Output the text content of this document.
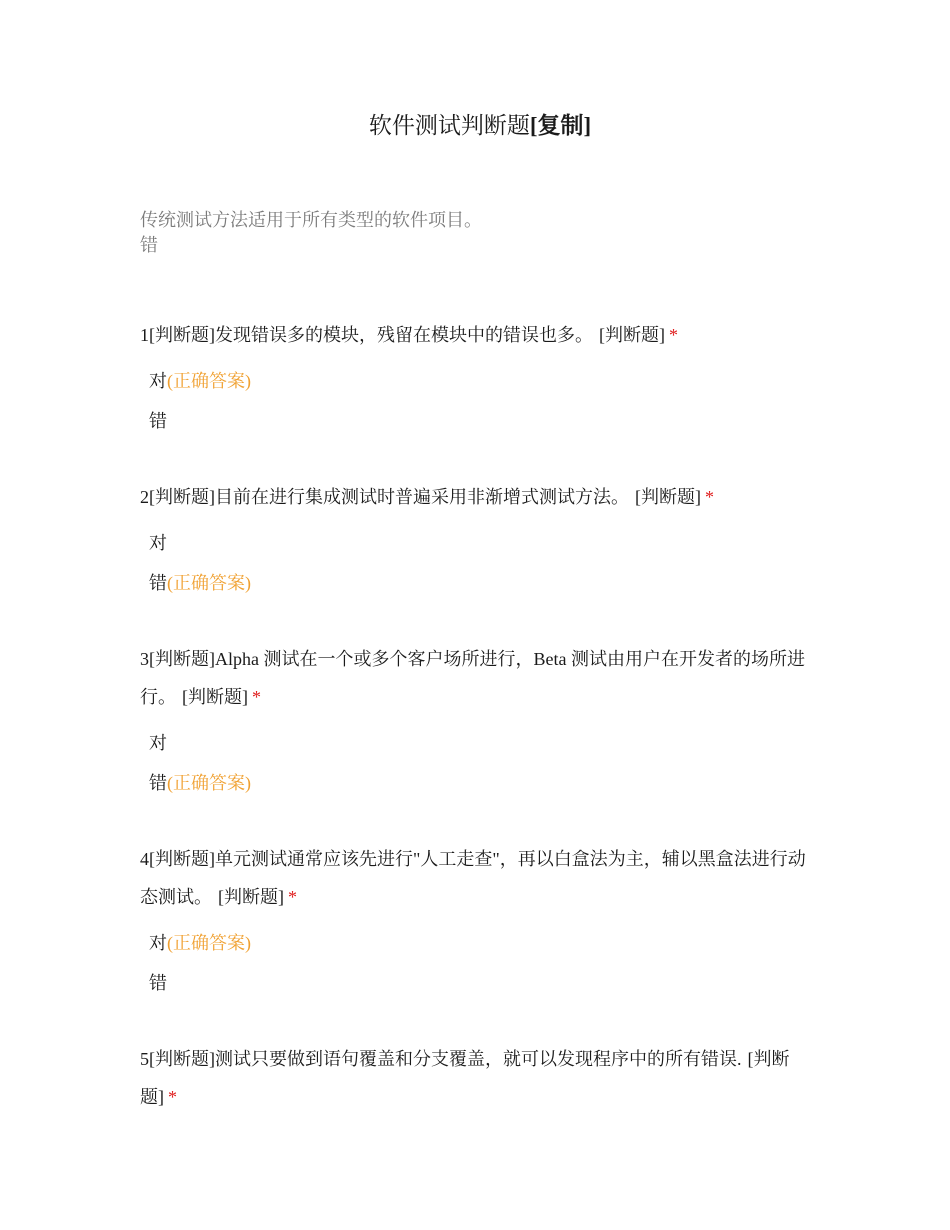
软件测试判断题[复制]
传统测试方法适用于所有类型的软件项目。
错
1[判断题]发现错误多的模块，残留在模块中的错误也多。 [判断题] *
对(正确答案)
错
2[判断题]目前在进行集成测试时普遍采用非渐增式测试方法。 [判断题] *
对
错(正确答案)
3[判断题]Alpha 测试在一个或多个客户场所进行，Beta 测试由用户在开发者的场所进行。 [判断题] *
对
错(正确答案)
4[判断题]单元测试通常应该先进行"人工走查"，再以白盒法为主，辅以黑盒法进行动态测试。 [判断题] *
对(正确答案)
错
5[判断题]测试只要做到语句覆盖和分支覆盖，就可以发现程序中的所有错误. [判断题] *
